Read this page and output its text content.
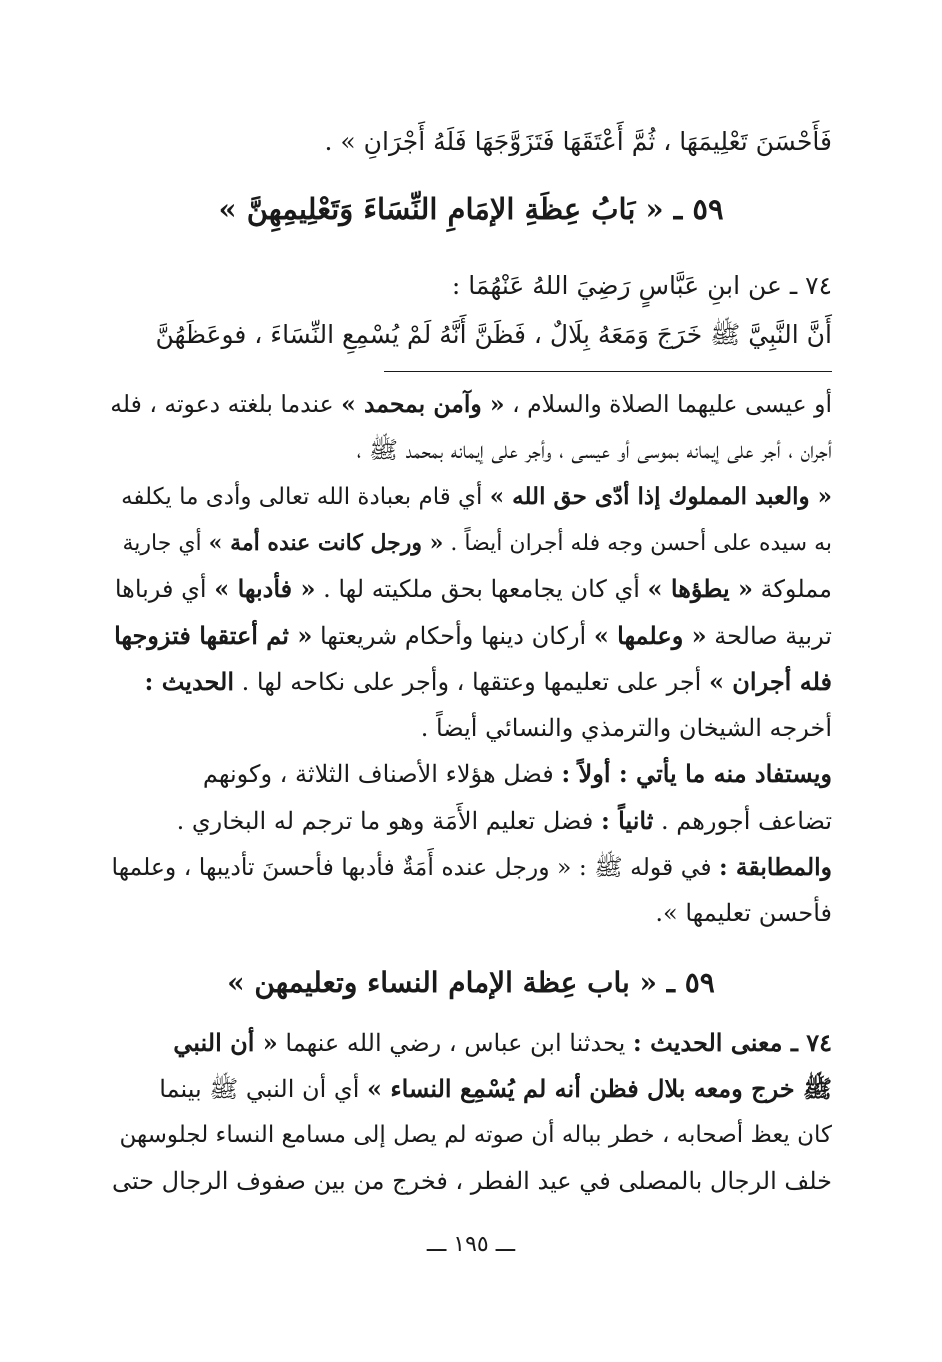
فَأَحْسَنَ تَعْلِيمَهَا ، ثُمَّ أَعْتَقَهَا فَتَزَوَّجَهَا فَلَهُ أَجْرَانِ » .
٥٩ ـ « بَابُ عِظَةِ الإمَامِ النِّسَاءَ وَتَعْلِيمِهِنَّ »
٧٤ ـ عن ابنِ عَبَّاسٍ رَضِيَ اللهُ عَنْهُمَا :
أَنَّ النَّبِيَّ ﷺ خَرَجَ وَمَعَهُ بِلَالٌ ، فَظَنَّ أَنَّهُ لَمْ يُسْمِعِ النِّسَاءَ ، فوعَظَهُنَّ
أو عيسى عليهما الصلاة والسلام ، « وآمن بمحمد » عندما بلغته دعوته ، فله
أجران ، أجر على إيمانه بموسى أو عيسى ، وأجر على إيمانه بمحمد ﷺ ،
« والعبد المملوك إذا أدّى حق الله » أي قام بعبادة الله تعالى وأدى ما يكلفه
به سيده على أحسن وجه فله أجران أيضاً . « ورجل كانت عنده أمة » أي جارية
مملوكة « يطؤها » أي كان يجامعها بحق ملكيته لها . « فأدبها » أي فرباها
تربية صالحة « وعلمها » أركان دينها وأحكام شريعتها « ثم أعتقها فتزوجها
فله أجران » أجر على تعليمها وعتقها ، وأجر على نكاحه لها . الحديث :
أخرجه الشيخان والترمذي والنسائي أيضاً .
ويستفاد منه ما يأتي : أولاً : فضل هؤلاء الأصناف الثلاثة ، وكونهم
تضاعف أجورهم . ثانياً : فضل تعليم الأَمَة وهو ما ترجم له البخاري .
والمطابقة : في قوله ﷺ : « ورجل عنده أَمَةٌ فأدبها فأحسنَ تأديبها ، وعلمها
فأحسن تعليمها ».
٥٩ ـ « باب عِظة الإمام النساء وتعليمهن »
٧٤ ـ معنى الحديث : يحدثنا ابن عباس ، رضي الله عنهما « أن النبي
ﷺ خرج ومعه بلال فظن أنه لم يُسْمِع النساء » أي أن النبي ﷺ بينما
كان يعظ أصحابه ، خطر بباله أن صوته لم يصل إلى مسامع النساء لجلوسهن
خلف الرجال بالمصلى في عيد الفطر ، فخرج من بين صفوف الرجال حتى
ـــ ١٩٥ ـــ
